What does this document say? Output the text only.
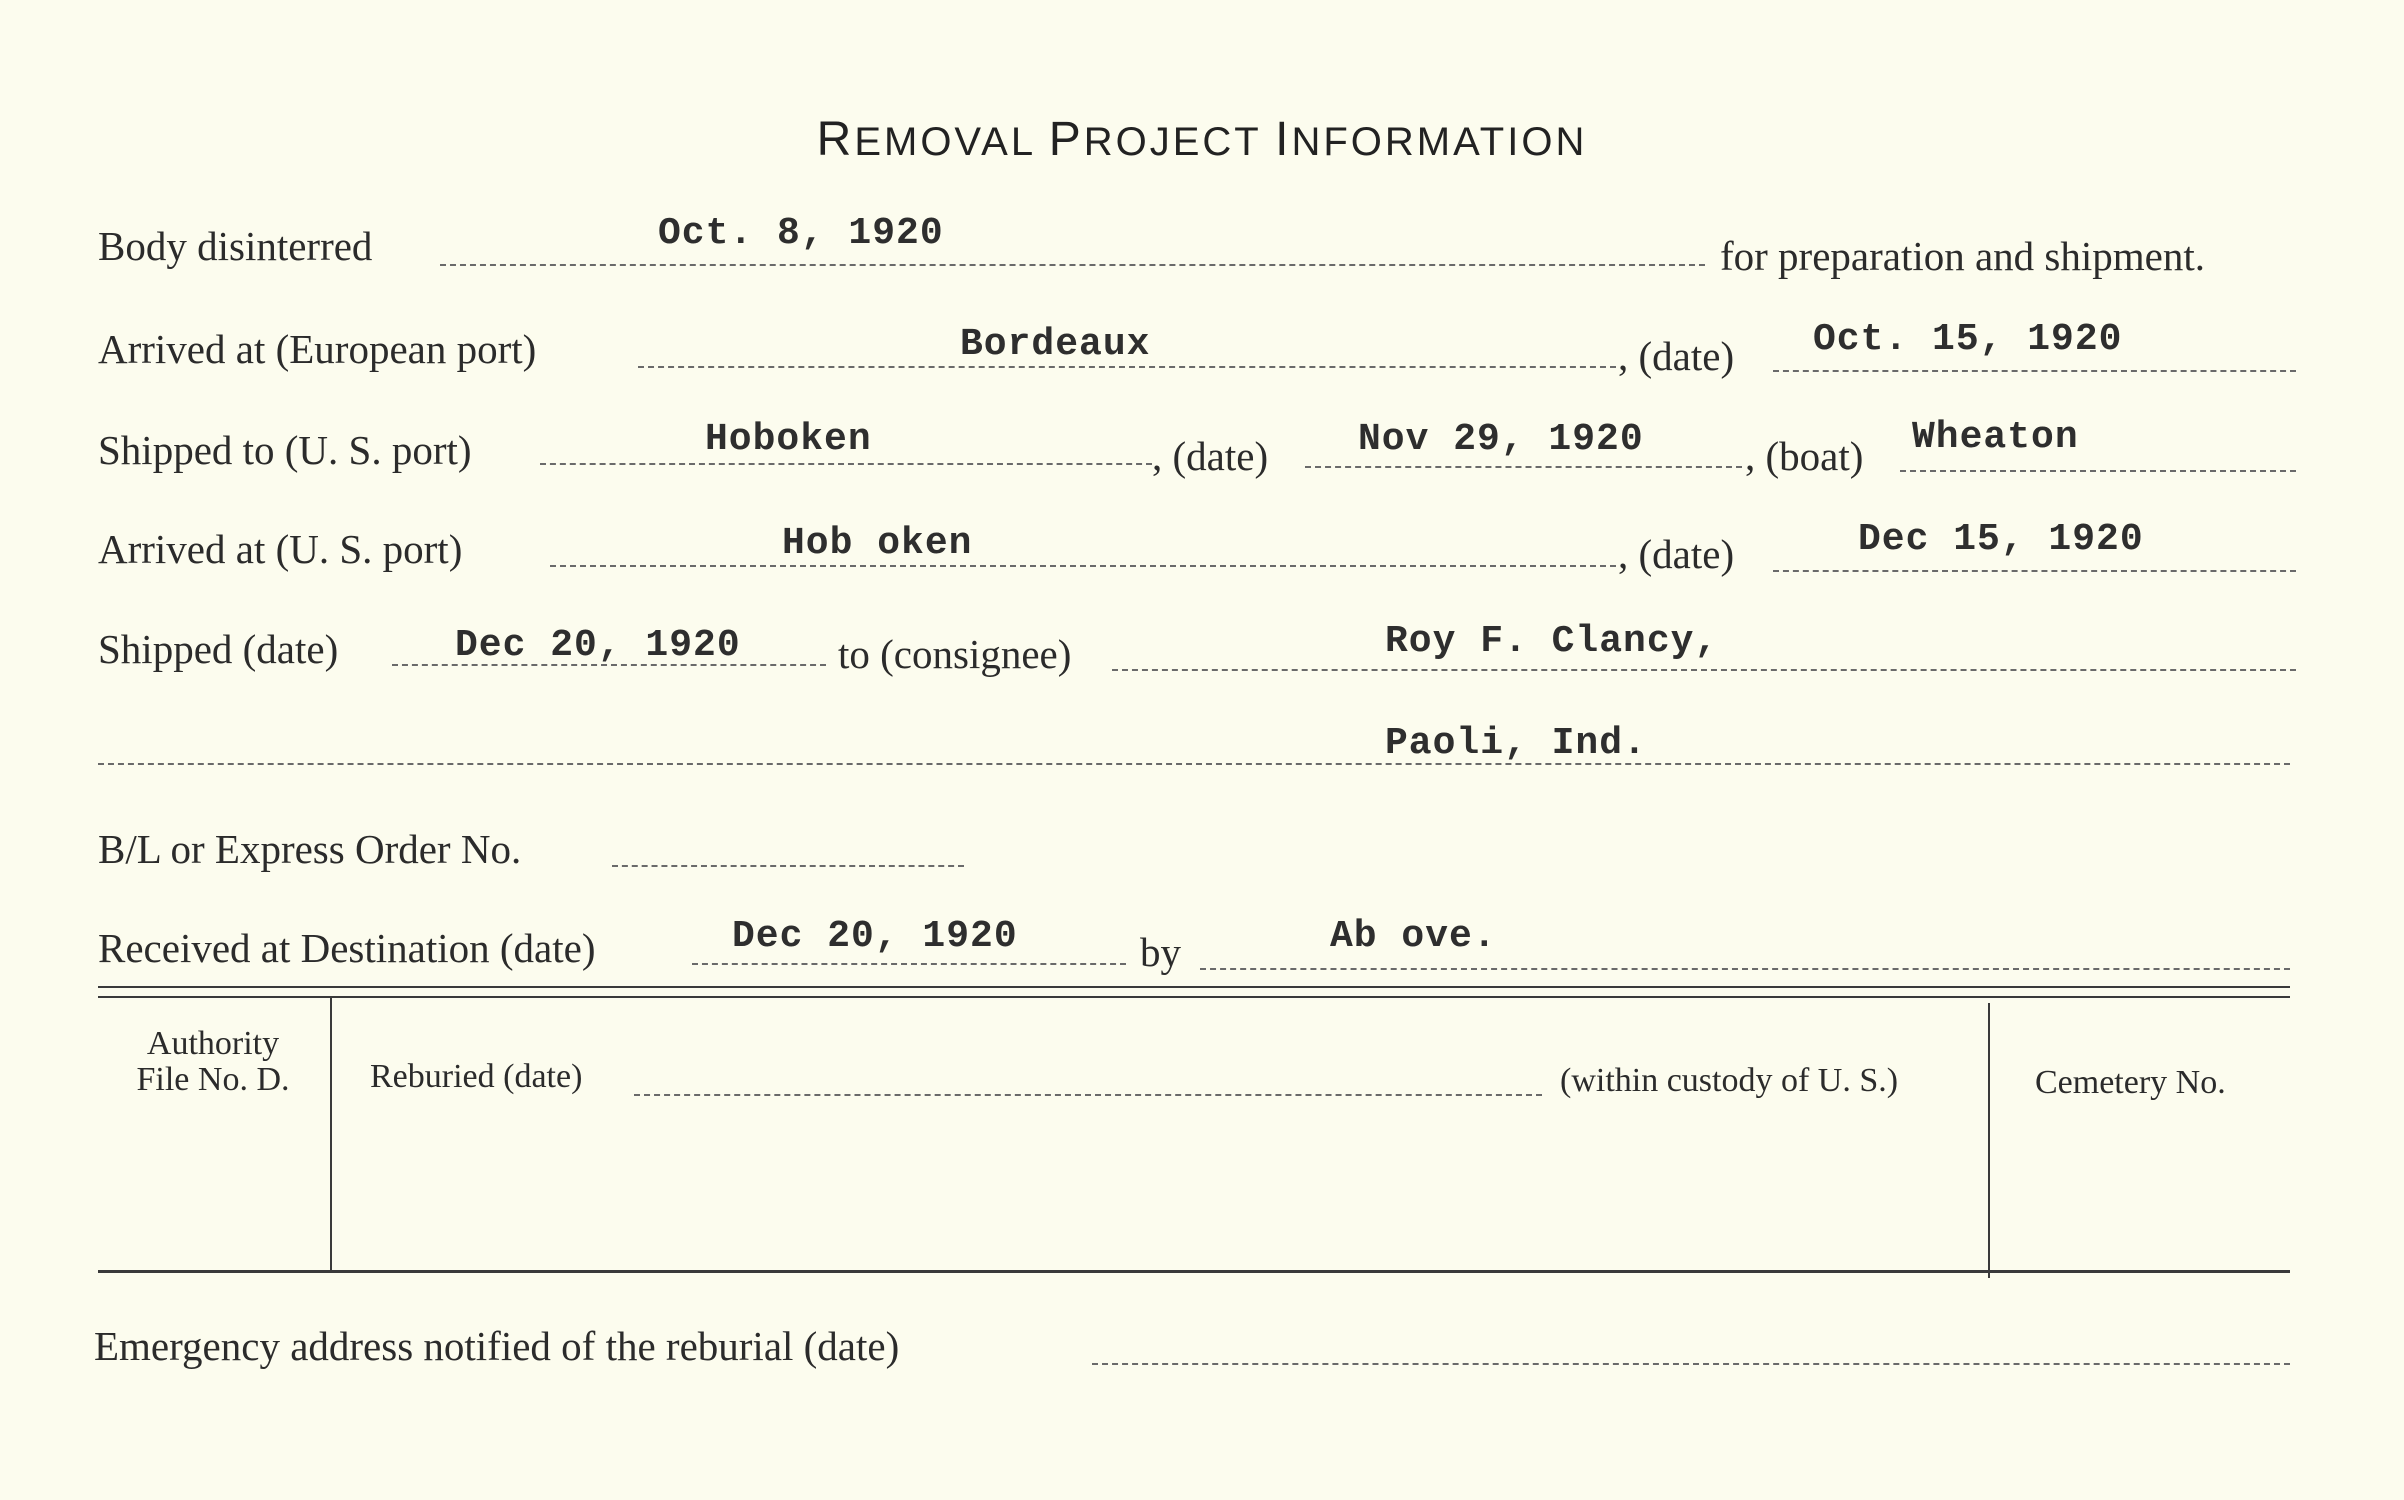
REMOVAL PROJECT INFORMATION
Body disinterred	Oct. 8, 1920	for preparation and shipment.
Arrived at (European port)	Bordeaux	, (date) Oct. 15, 1920
Shipped to (U. S. port)	Hoboken	, (date) Nov 29, 1920 , (boat) Wheaton
Arrived at (U. S. port)	Hob oken	, (date)	Dec 15, 1920
Shipped (date)	Dec 20, 1920 to (consignee)	Roy F. Clancy,
Paoli, Ind.
B/L or Express Order No.
Received at Destination (date)	Dec 20, 1920	by	Ab ove.
Authority
File No. D.	Reburied (date)	(within custody of U. S.)	Cemetery No.
Emergency address notified of the reburial (date)
